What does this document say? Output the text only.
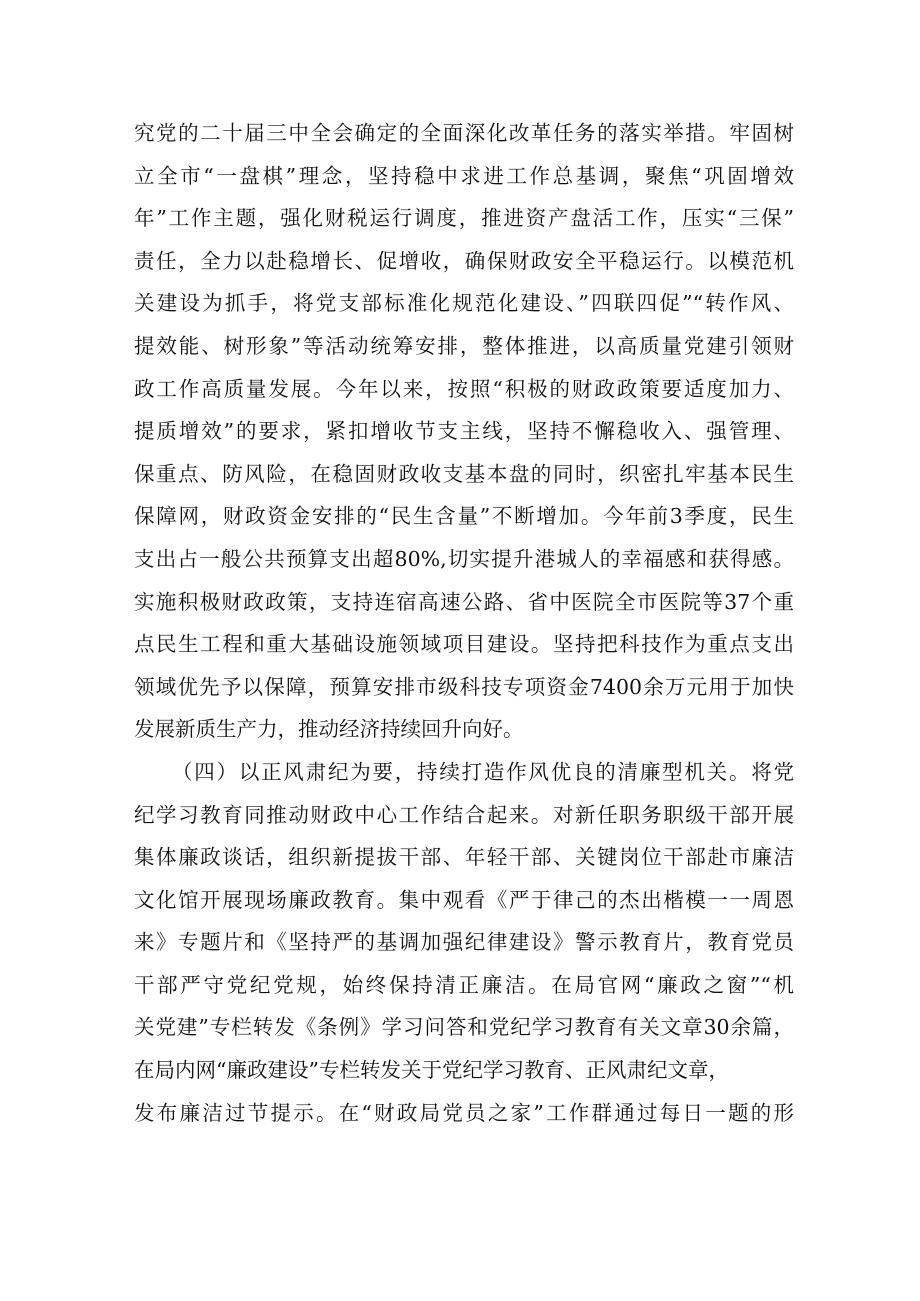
究党的二十届三中全会确定的全面深化改革任务的落实举措。牢固树
立全市“一盘棋”理念，坚持稳中求进工作总基调，聚焦“巩固增效
年”工作主题，强化财税运行调度，推进资产盘活工作，压实“三保”
责任，全力以赴稳增长、促增收，确保财政安全平稳运行。以模范机
关建设为抓手，将党支部标准化规范化建设、”四联四促”“转作风、
提效能、树形象”等活动统筹安排，整体推进，以高质量党建引领财
政工作高质量发展。今年以来，按照“积极的财政政策要适度加力、
提质增效”的要求，紧扣增收节支主线，坚持不懈稳收入、强管理、
保重点、防风险，在稳固财政收支基本盘的同时，织密扎牢基本民生
保障网，财政资金安排的“民生含量”不断增加。今年前3季度，民生
支出占一般公共预算支出超80%,切实提升港城人的幸福感和获得感。
实施积极财政政策，支持连宿高速公路、省中医院全市医院等37个重
点民生工程和重大基础设施领域项目建设。坚持把科技作为重点支出
领域优先予以保障，预算安排市级科技专项资金7400余万元用于加快
发展新质生产力，推动经济持续回升向好。
（四）以正风肃纪为要，持续打造作风优良的清廉型机关。将党
纪学习教育同推动财政中心工作结合起来。对新任职务职级干部开展
集体廉政谈话，组织新提拔干部、年轻干部、关键岗位干部赴市廉洁
文化馆开展现场廉政教育。集中观看《严于律己的杰出楷模一一周恩
来》专题片和《坚持严的基调加强纪律建设》警示教育片，教育党员
干部严守党纪党规，始终保持清正廉洁。在局官网“廉政之窗”“机
关党建”专栏转发《条例》学习问答和党纪学习教育有关文章30余篇，
在局内网“廉政建设”专栏转发关于党纪学习教育、正风肃纪文章，
发布廉洁过节提示。在“财政局党员之家”工作群通过每日一题的形
